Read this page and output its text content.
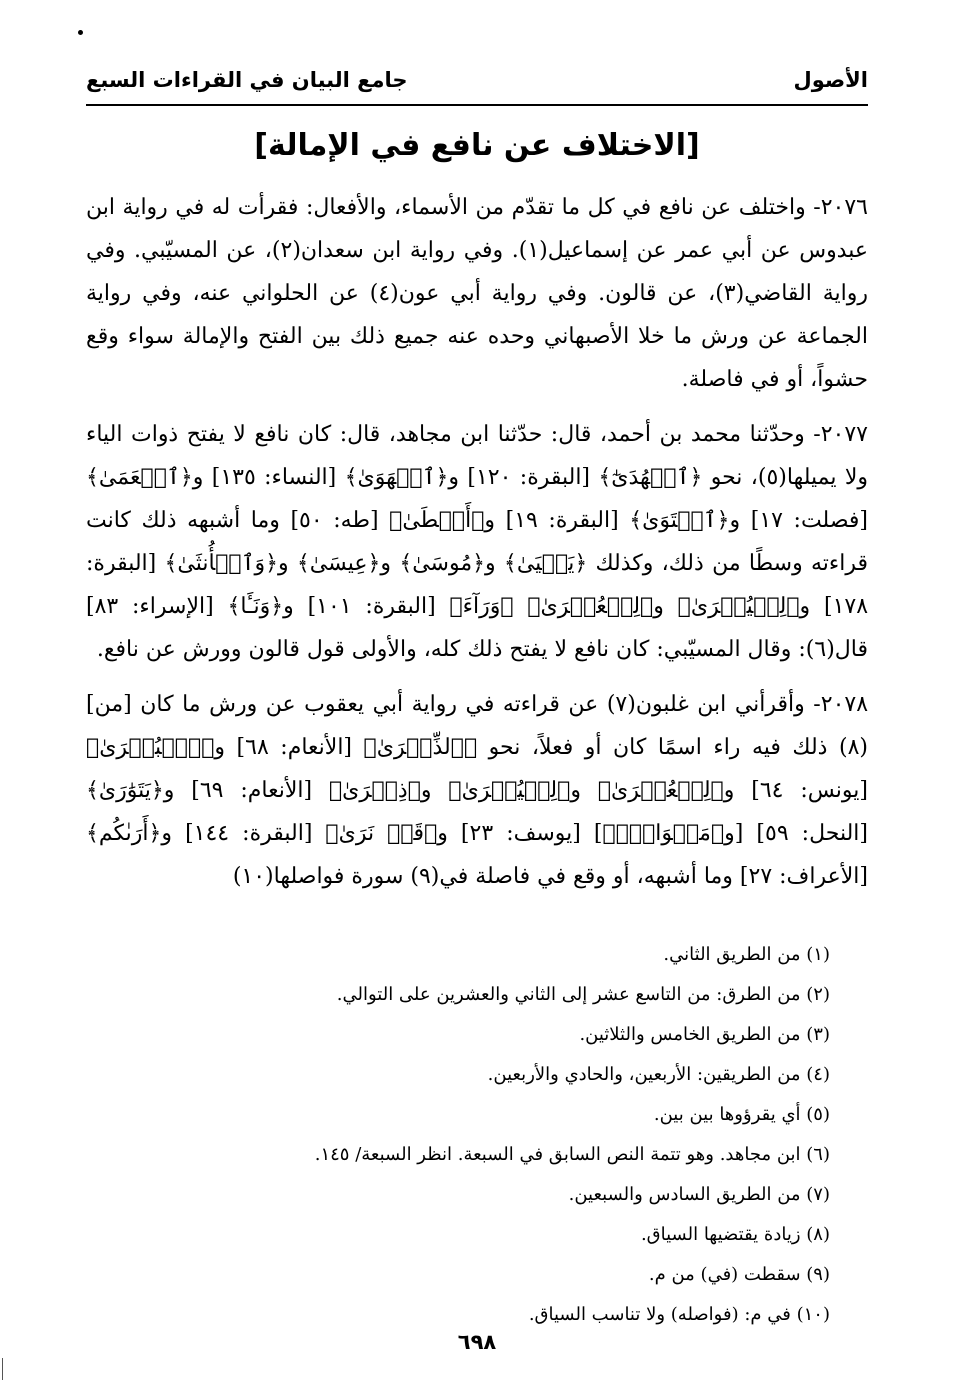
الأصول
جامع البيان في القراءات السبع
[الاختلاف عن نافع في الإمالة]

٢٠٧٦- واختلف عن نافع في كل ما تقدّم من الأسماء، والأفعال: فقرأت له في رواية ابن عبدوس عن أبي عمر عن إسماعيل(١). وفي رواية ابن سعدان(٢)، عن المسيّبي. وفي رواية القاضي(٣)، عن قالون. وفي رواية أبي عون(٤) عن الحلواني عنه، وفي رواية الجماعة عن ورش ما خلا الأصبهاني وحده عنه جميع ذلك بين الفتح والإمالة سواء وقع حشواً، أو في فاصلة.

٢٠٧٧- وحدّثنا محمد بن أحمد، قال: حدّثنا ابن مجاهد، قال: كان نافع لا يفتح ذوات الياء ولا يميلها(٥)، نحو ﴿ٱلۡهُدَىٰٓ﴾ [البقرة: ١٢٠] و﴿ٱلۡهَوَىٰ﴾ [النساء: ١٣٥] و﴿ٱلۡعَمَىٰ﴾ [فصلت: ١٧] و﴿ٱسۡتَوَىٰ﴾ [البقرة: ١٩] و﴿أَعۡطَىٰ﴾ [طه: ٥٠] وما أشبهه ذلك كانت قراءته وسطًا من ذلك، وكذلك ﴿يَحۡيَىٰ﴾ و﴿مُوسَىٰ﴾ و﴿عِيسَىٰ﴾ و﴿وَٱلۡأُنثَىٰ﴾ [البقرة: ١٧٨] و﴿لِلۡيُسۡرَىٰ﴾ و﴿لِلۡعُسۡرَىٰ﴾ ﴿وَرَآءَ﴾ [البقرة: ١٠١] و﴿وَنَـَٔا﴾ [الإسراء: ٨٣] قال(٦): وقال المسيّبي: كان نافع لا يفتح ذلك كله، والأولى قول قالون وورش عن نافع.

٢٠٧٨- وأقرأني ابن غلبون(٧) عن قراءته في رواية أبي يعقوب عن ورش ما كان [من] (٨) ذلك فيه راء اسمًا كان أو فعلاً، نحو ﴿ٱلذِّكۡرَىٰ﴾ [الأنعام: ٦٨] و﴿ٱلۡبُشۡرَىٰ﴾ [يونس: ٦٤] و﴿لِلۡعُسۡرَىٰ﴾ و﴿لِلۡيُسۡرَىٰ﴾ و﴿ذِكۡرَىٰ﴾ [الأنعام: ٦٩] و﴿يَتَوَٰرَىٰ﴾ [النحل: ٥٩] [و﴿مَثۡوَايَۖ﴾] [يوسف: ٢٣] و﴿قَدۡ نَرَىٰ﴾ [البقرة: ١٤٤] و﴿أَرَىٰكُم﴾ [الأعراف: ٢٧] وما أشبهه، أو وقع في فاصلة في(٩) سورة فواصلها(١٠)

(١) من الطريق الثاني.
(٢) من الطرق: من التاسع عشر إلى الثاني والعشرين على التوالي.
(٣) من الطريق الخامس والثلاثين.
(٤) من الطريقين: الأربعين، والحادي والأربعين.
(٥) أي يقرؤوها بين بين.
(٦) ابن مجاهد. وهو تتمة النص السابق في السبعة. انظر السبعة/ ١٤٥.
(٧) من الطريق السادس والسبعين.
(٨) زيادة يقتضيها السياق.
(٩) سقطت (في) من م.
(١٠) في م: (فواصله) ولا تناسب السياق.
٦٩٨
